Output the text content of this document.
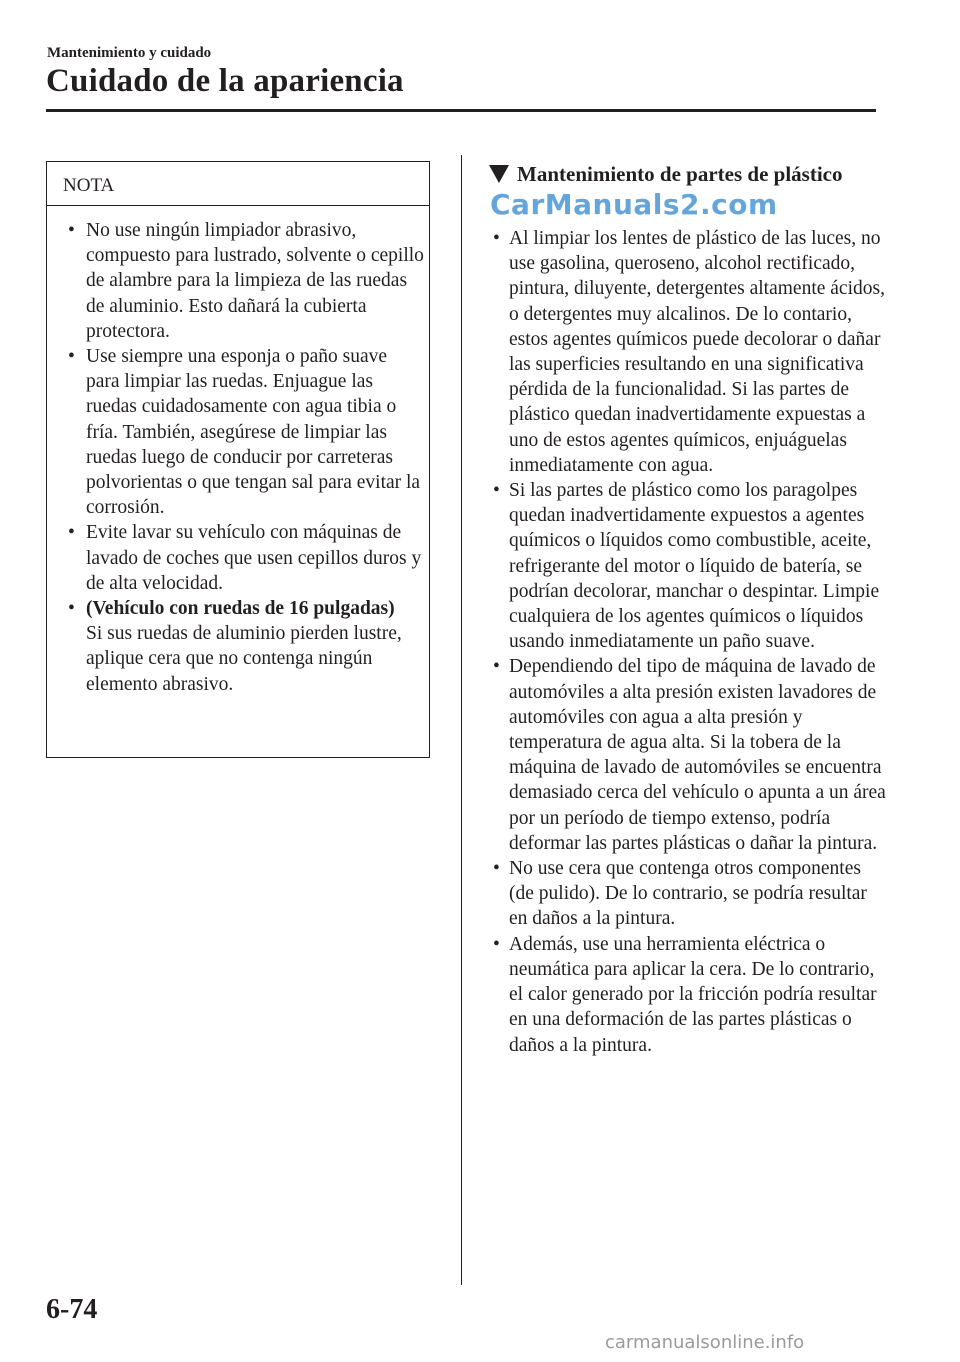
Mantenimiento y cuidado
Cuidado de la apariencia
NOTA
• No use ningún limpiador abrasivo, compuesto para lustrado, solvente o cepillo de alambre para la limpieza de las ruedas de aluminio. Esto dañará la cubierta protectora.
• Use siempre una esponja o paño suave para limpiar las ruedas. Enjuague las ruedas cuidadosamente con agua tibia o fría. También, asegúrese de limpiar las ruedas luego de conducir por carreteras polvorientas o que tengan sal para evitar la corrosión.
• Evite lavar su vehículo con máquinas de lavado de coches que usen cepillos duros y de alta velocidad.
• (Vehículo con ruedas de 16 pulgadas)
Si sus ruedas de aluminio pierden lustre, aplique cera que no contenga ningún elemento abrasivo.
Mantenimiento de partes de plástico
CarManuals2.com
• Al limpiar los lentes de plástico de las luces, no use gasolina, queroseno, alcohol rectificado, pintura, diluyente, detergentes altamente ácidos, o detergentes muy alcalinos. De lo contario, estos agentes químicos puede decolorar o dañar las superficies resultando en una significativa pérdida de la funcionalidad. Si las partes de plástico quedan inadvertidamente expuestas a uno de estos agentes químicos, enjuáguelas inmediatamente con agua.
• Si las partes de plástico como los paragolpes quedan inadvertidamente expuestos a agentes químicos o líquidos como combustible, aceite, refrigerante del motor o líquido de batería, se podrían decolorar, manchar o despintar. Limpie cualquiera de los agentes químicos o líquidos usando inmediatamente un paño suave.
• Dependiendo del tipo de máquina de lavado de automóviles a alta presión existen lavadores de automóviles con agua a alta presión y temperatura de agua alta. Si la tobera de la máquina de lavado de automóviles se encuentra demasiado cerca del vehículo o apunta a un área por un período de tiempo extenso, podría deformar las partes plásticas o dañar la pintura.
• No use cera que contenga otros componentes (de pulido). De lo contrario, se podría resultar en daños a la pintura.
• Además, use una herramienta eléctrica o neumática para aplicar la cera. De lo contrario, el calor generado por la fricción podría resultar en una deformación de las partes plásticas o daños a la pintura.
6-74
carmanualsonline.info
